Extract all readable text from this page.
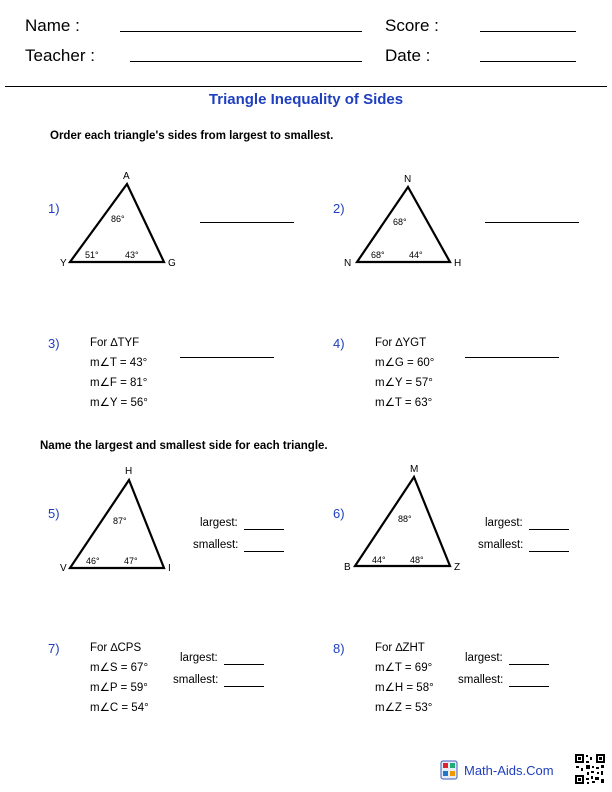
Name :	Score :
Teacher :	Date :
Triangle Inequality of Sides
Order each triangle's sides from largest to smallest.
1)
A
Y	G
86°
51°	43°
2)
N
N	H
68°
68°	44°
3)	For ∆TYF
m∠T = 43°
m∠F = 81°
m∠Y = 56°
4)	For ∆YGT
m∠G = 60°
m∠Y = 57°
m∠T = 63°
Name the largest and smallest side for each triangle.
5)
H
V	I
87°
46°	47°
largest:
smallest:
6)
M
B	Z
88°
44°	48°
largest:
smallest:
7)	For ∆CPS
m∠S = 67°
m∠P = 59°
m∠C = 54°
largest:
smallest:
8)	For ∆ZHT
m∠T = 69°
m∠H = 58°
m∠Z = 53°
largest:
smallest:
Math-Aids.Com
